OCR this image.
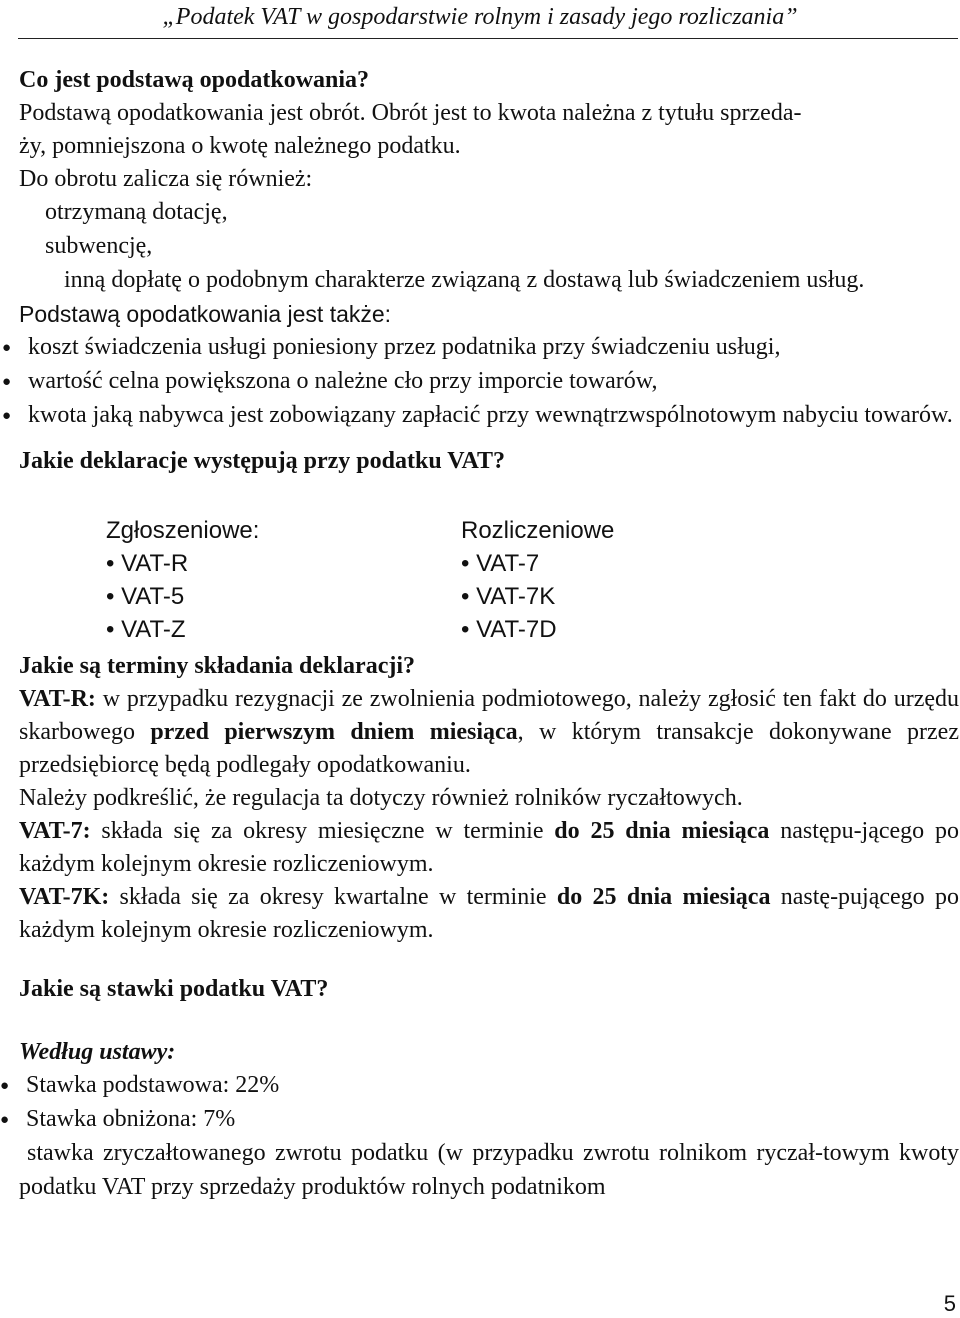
„Podatek VAT w gospodarstwie rolnym i zasady jego rozliczania”

Co jest podstawą opodatkowania?

Podstawą opodatkowania jest obrót. Obrót jest to kwota należna z tytułu sprzeda-

ży, pomniejszona o kwotę należnego podatku.

Do obrotu zalicza się również:

otrzymaną dotację,

subwencję,

inną dopłatę o podobnym charakterze związaną z dostawą lub świadczeniem usług.

Podstawą opodatkowania jest także:

● koszt świadczenia usługi poniesiony przez podatnika przy świadczeniu usługi,

● wartość celna powiększona o należne cło przy imporcie towarów,

● kwota jaką nabywca jest zobowiązany zapłacić przy wewnątrzwspólnotowym nabyciu towarów.

Jakie deklaracje występują przy podatku VAT?

Zgłoszeniowe:
• VAT-R
• VAT-5
• VAT-Z
Rozliczeniowe
• VAT-7
• VAT-7K
• VAT-7D

Jakie są terminy składania deklaracji?

VAT-R: w przypadku rezygnacji ze zwolnienia podmiotowego, należy zgłosić ten fakt do urzędu skarbowego przed pierwszym dniem miesiąca, w którym transakcje dokonywane przez przedsiębiorcę będą podlegały opodatkowaniu.

Należy podkreślić, że regulacja ta dotyczy również rolników ryczałtowych.

VAT-7: składa się za okresy miesięczne w terminie do 25 dnia miesiąca następu-jącego po każdym kolejnym okresie rozliczeniowym.

VAT-7K: składa się za okresy kwartalne w terminie do 25 dnia miesiąca nastę-pującego po każdym kolejnym okresie rozliczeniowym.

Jakie są stawki podatku VAT?

Według ustawy:

● Stawka podstawowa: 22%

● Stawka obniżona: 7%

stawka zryczałtowanego zwrotu podatku (w przypadku zwrotu rolnikom ryczał-towym kwoty podatku VAT przy sprzedaży produktów rolnych podatnikom

5
